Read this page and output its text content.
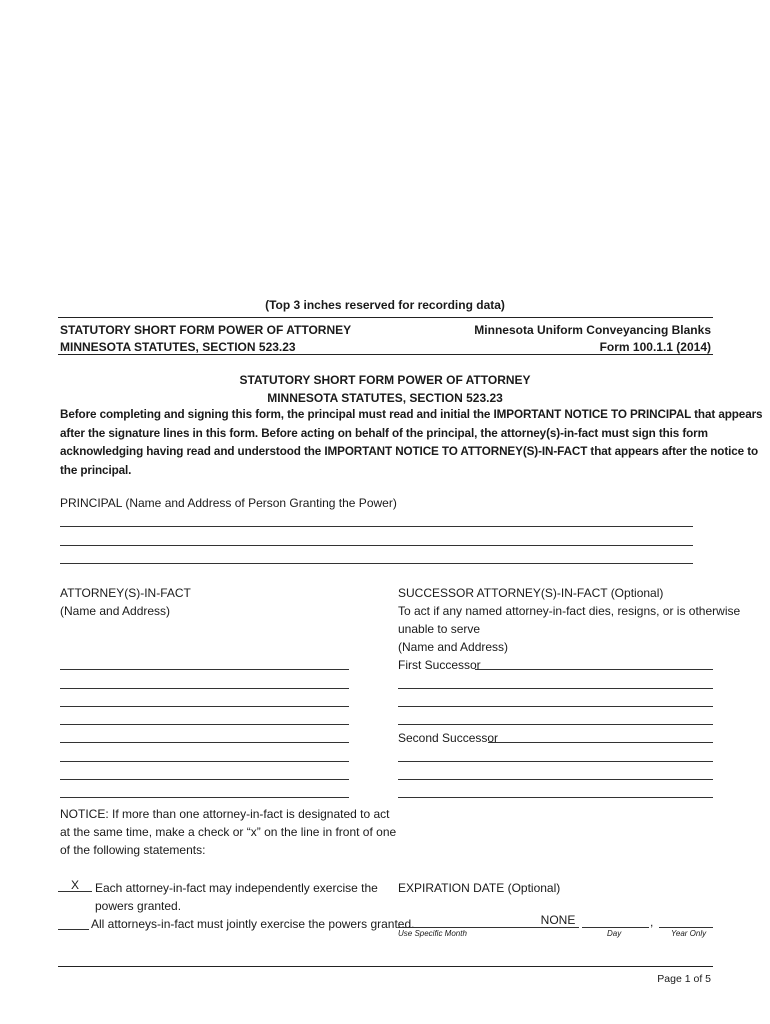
(Top 3 inches reserved for recording data)
STATUTORY SHORT FORM POWER OF ATTORNEY
MINNESOTA STATUTES, SECTION 523.23
Minnesota Uniform Conveyancing Blanks
Form 100.1.1 (2014)
STATUTORY SHORT FORM POWER OF ATTORNEY
MINNESOTA STATUTES, SECTION 523.23
Before completing and signing this form, the principal must read and initial the IMPORTANT NOTICE TO PRINCIPAL that appears
after the signature lines in this form. Before acting on behalf of the principal, the attorney(s)-in-fact must sign this form
acknowledging having read and understood the IMPORTANT NOTICE TO ATTORNEY(S)-IN-FACT that appears after the notice to
the principal.
PRINCIPAL (Name and Address of Person Granting the Power)
ATTORNEY(S)-IN-FACT
(Name and Address)
SUCCESSOR ATTORNEY(S)-IN-FACT (Optional)
To act if any named attorney-in-fact dies, resigns, or is otherwise
unable to serve
(Name and Address)
First Successor
Second Successor
NOTICE: If more than one attorney-in-fact is designated to act
at the same time, make a check or “x” on the line in front of one
of the following statements:
X	Each attorney-in-fact may independently exercise the
powers granted.
All attorneys-in-fact must jointly exercise the powers granted.
EXPIRATION DATE (Optional)
NONE	,
Use Specific Month	Day	Year Only
Page 1 of 5
